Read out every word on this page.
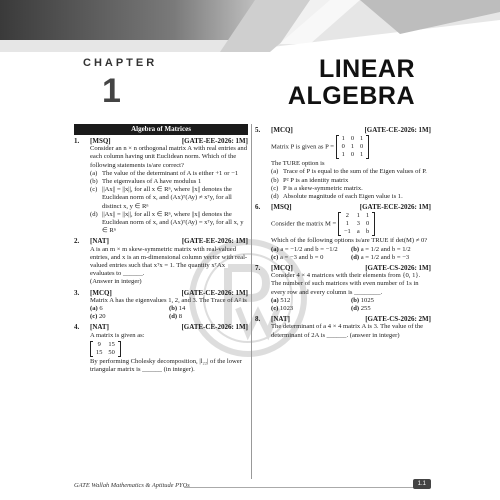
CHAPTER
1
LINEAR
ALGEBRA
Algebra of Matrices
1. [MSQ]	[GATE-EE-2026: 1M]
Consider an n × n orthogonal matrix A with real entries and each column having unit Euclidean norm. Which of the following statements is/are correct?
(a) The value of the determinant of A is either +1 or −1
(b) The eigenvalues of A have modulus 1
(c) ||Ax|| = ||x||, for all x ∈ Rⁿ, where ||x|| denotes the Euclidean norm of x, and (Ax)ᵀ(Ay) ≠ xᵀy, for all distinct x, y ∈ Rⁿ
(d) ||Ax|| = ||x||, for all x ∈ Rⁿ, where ||x|| denotes the Euclidean norm of x, and (Ax)ᵀ(Ay) = xᵀy, for all x, y ∈ Rⁿ
2. [NAT]	[GATE-EE-2026: 1M]
A is an m × m skew-symmetric matrix with real-valued entries, and x is an m-dimensional column vector with real-valued entries such that xᵀx = 1. The quantity xᵀAx evaluates to ______.
(Answer in integer)
3. [MCQ]	[GATE-CE-2026: 1M]
Matrix A has the eigenvalues 1, 2, and 3. The Trace of A² is
(a) 6	(b) 14
(c) 20	(d) 8
4. [NAT]	[GATE-CE-2026: 1M]
A matrix is given as:
9	15
15	50
By performing Cholesky decomposition, |l₂₂| of the lower triangular matrix is ______ (in integer).
5. [MCQ]	[GATE-CE-2026: 1M]
Matrix P is given as P =
1	0	1
0	1	0
1	0	1
The TURE option is
(a) Trace of P is equal to the sum of the Eigen values of P.
(b) P² P is an identity matrix
(c) P is a skew-symmetric matrix.
(d) Absolute magnitude of each Eigen value is 1.
6. [MSQ]	[GATE-ECE-2026: 1M]
Consider the matrix M =
2	1	1
1	3	0
−1	a	b
Which of the following options is/are TRUE if det(M) ≠ 0?
(a) a = −1/2 and b = −1/2	(b) a = 1/2 and b = 1/2
(c) a = −3 and b = 0	(d) a = 1/2 and b = −3
7. [MCQ]	[GATE-CS-2026: 1M]
Consider 4 × 4 matrices with their elements from {0, 1}. The number of such matrices with even number of 1s in every row and every column is ________.
(a) 512	(b) 1025
(c) 1023	(d) 255
8. [NAT]	[GATE-CS-2026: 2M]
The determinant of a 4 × 4 matrix A is 3. The value of the determinant of 2A is ______. (answer in integer)
GATE Wallah Mathematics & Aptitude PYQs	1.1
